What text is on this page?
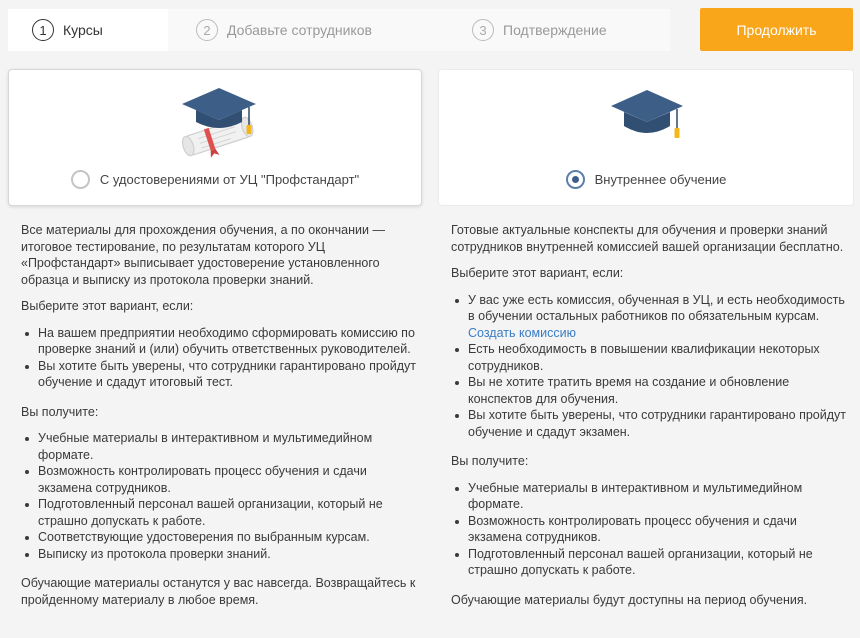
1	Курсы	2	Добавьте сотрудников	3	Подтверждение	Продолжить
С удостоверениями от УЦ "Профстандарт"	Внутреннее обучение

Все материалы для прохождения обучения, а по окончании — итоговое тестирование, по результатам которого УЦ «Профстандарт» выписывает удостоверение установленного образца и выписку из протокола проверки знаний.

Выберите этот вариант, если:

На вашем предприятии необходимо сформировать комиссию по проверке знаний и (или) обучить ответственных руководителей.
Вы хотите быть уверены, что сотрудники гарантировано пройдут обучение и сдадут итоговый тест.

Вы получите:

Учебные материалы в интерактивном и мультимедийном формате.
Возможность контролировать процесс обучения и сдачи экзамена сотрудников.
Подготовленный персонал вашей организации, который не страшно допускать к работе.
Соответствующие удостоверения по выбранным курсам.
Выписку из протокола проверки знаний.

Обучающие материалы останутся у вас навсегда. Возвращайтесь к пройденному материалу в любое время.

Готовые актуальные конспекты для обучения и проверки знаний сотрудников внутренней комиссией вашей организации бесплатно.

Выберите этот вариант, если:

У вас уже есть комиссия, обученная в УЦ, и есть необходимость в обучении остальных работников по обязательным курсам. Создать комиссию
Есть необходимость в повышении квалификации некоторых сотрудников.
Вы не хотите тратить время на создание и обновление конспектов для обучения.
Вы хотите быть уверены, что сотрудники гарантировано пройдут обучение и сдадут экзамен.

Вы получите:

Учебные материалы в интерактивном и мультимедийном формате.
Возможность контролировать процесс обучения и сдачи экзамена сотрудников.
Подготовленный персонал вашей организации, который не страшно допускать к работе.

Обучающие материалы будут доступны на период обучения.
